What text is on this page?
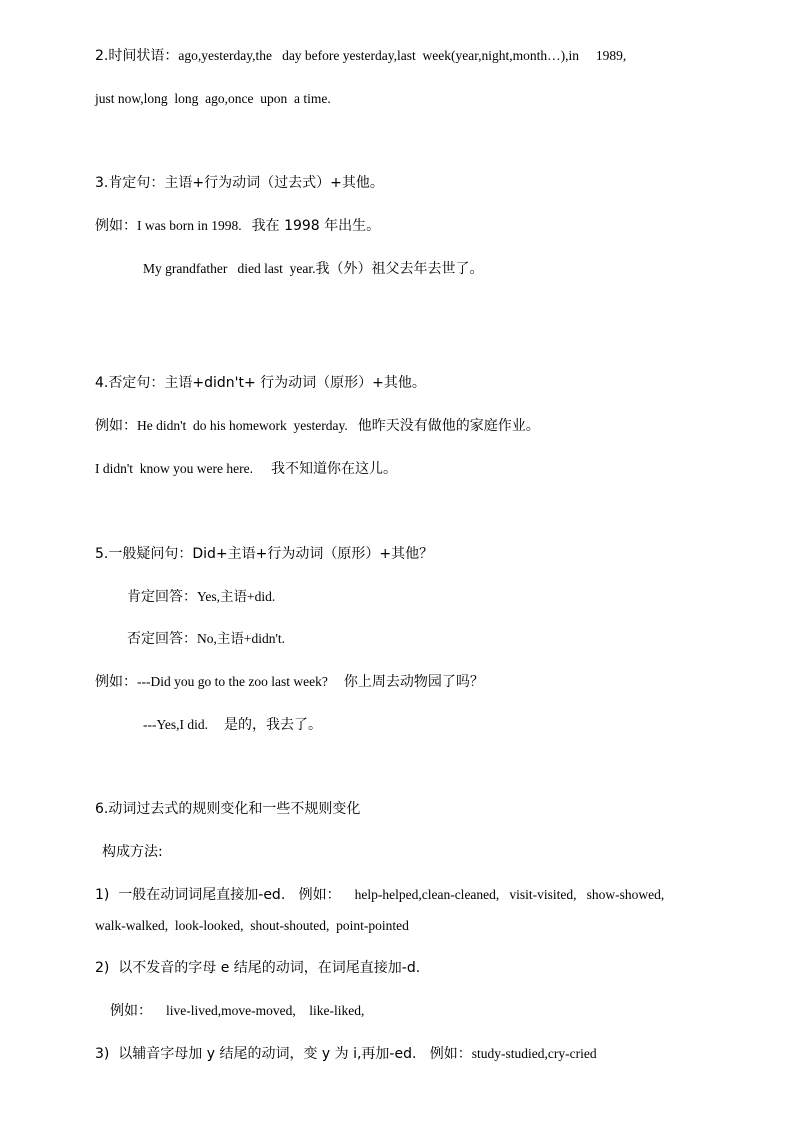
2.时间状语：ago,yesterday,the   day before yesterday,last  week(year,night,month…),in     1989,
just now,long  long  ago,once  upon  a time.
3.肯定句：主语+行为动词（过去式）+其他。
例如：I was born in 1998. 我在 1998 年出生。
My grandfather   died last  year.我（外）祖父去年去世了。
4.否定句：主语+didn't+ 行为动词（原形）+其他。
例如：He didn't  do his homework  yesterday. 他昨天没有做他的家庭作业。
I didn't  know you were here. 我不知道你在这儿。
5.一般疑问句：Did+主语+行为动词（原形）+其他？
肯定回答：Yes,主语+did.
否定回答：No,主语+didn't.
例如：---Did you go to the zoo last week? 你上周去动物园了吗？
---Yes,I did. 是的，我去了。
6.动词过去式的规则变化和一些不规则变化
构成方法:
1)  一般在动词词尾直接加-ed.   例如： help-helped,clean-cleaned,   visit-visited,   show-showed,
walk-walked,  look-looked,  shout-shouted,  point-pointed
2)  以不发音的字母 e 结尾的动词，在词尾直接加-d.
例如： live-lived,move-moved,    like-liked,
3)  以辅音字母加 y 结尾的动词，变 y 为 i,再加-ed.   例如：study-studied,cry-cried
